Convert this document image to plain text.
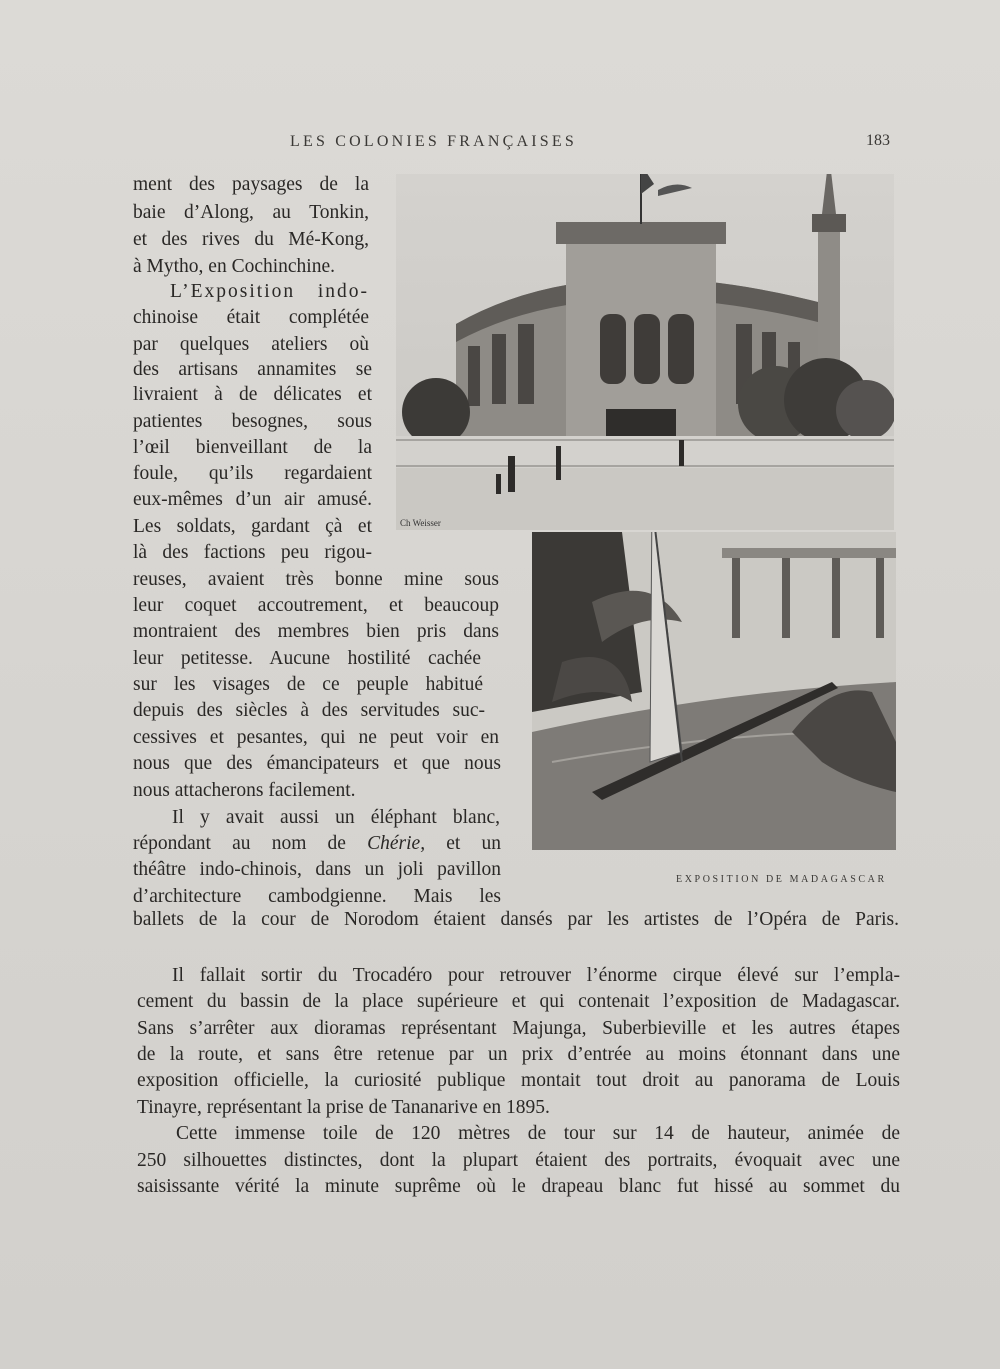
LES COLONIES FRANÇAISES	183
ment des paysages de la
baie d’Along, au Tonkin,
et des rives du Mé-Kong,
à Mytho, en Cochinchine.
L’Exposition indo-
chinoise était complétée
par quelques ateliers où
des artisans annamites se
livraient à de délicates et
patientes besognes, sous
l’œil bienveillant de la
foule, qu’ils regardaient
eux-mêmes d’un air amusé.
Les soldats, gardant çà et
là des factions peu rigou-
reuses, avaient très bonne mine sous
leur coquet accoutrement, et beaucoup
montraient des membres bien pris dans
leur petitesse. Aucune hostilité cachée
sur les visages de ce peuple habitué
depuis des siècles à des servitudes suc-
cessives et pesantes, qui ne peut voir en
nous que des émancipateurs et que nous
nous attacherons facilement.
Il y avait aussi un éléphant blanc,
répondant au nom de Chérie, et un
théâtre indo-chinois, dans un joli pavillon
d’architecture cambodgienne. Mais les
ballets de la cour de Norodom étaient dansés par les artistes de l’Opéra de Paris.
Il fallait sortir du Trocadéro pour retrouver l’énorme cirque élevé sur l’empla-
cement du bassin de la place supérieure et qui contenait l’exposition de Madagascar.
Sans s’arrêter aux dioramas représentant Majunga, Suberbieville et les autres étapes
de la route, et sans être retenue par un prix d’entrée au moins étonnant dans une
exposition officielle, la curiosité publique montait tout droit au panorama de Louis
Tinayre, représentant la prise de Tananarive en 1895.
Cette immense toile de 120 mètres de tour sur 14 de hauteur, animée de
250 silhouettes distinctes, dont la plupart étaient des portraits, évoquait avec une
saisissante vérité la minute suprême où le drapeau blanc fut hissé au sommet du
Ch Weisser
EXPOSITION DE MADAGASCAR
